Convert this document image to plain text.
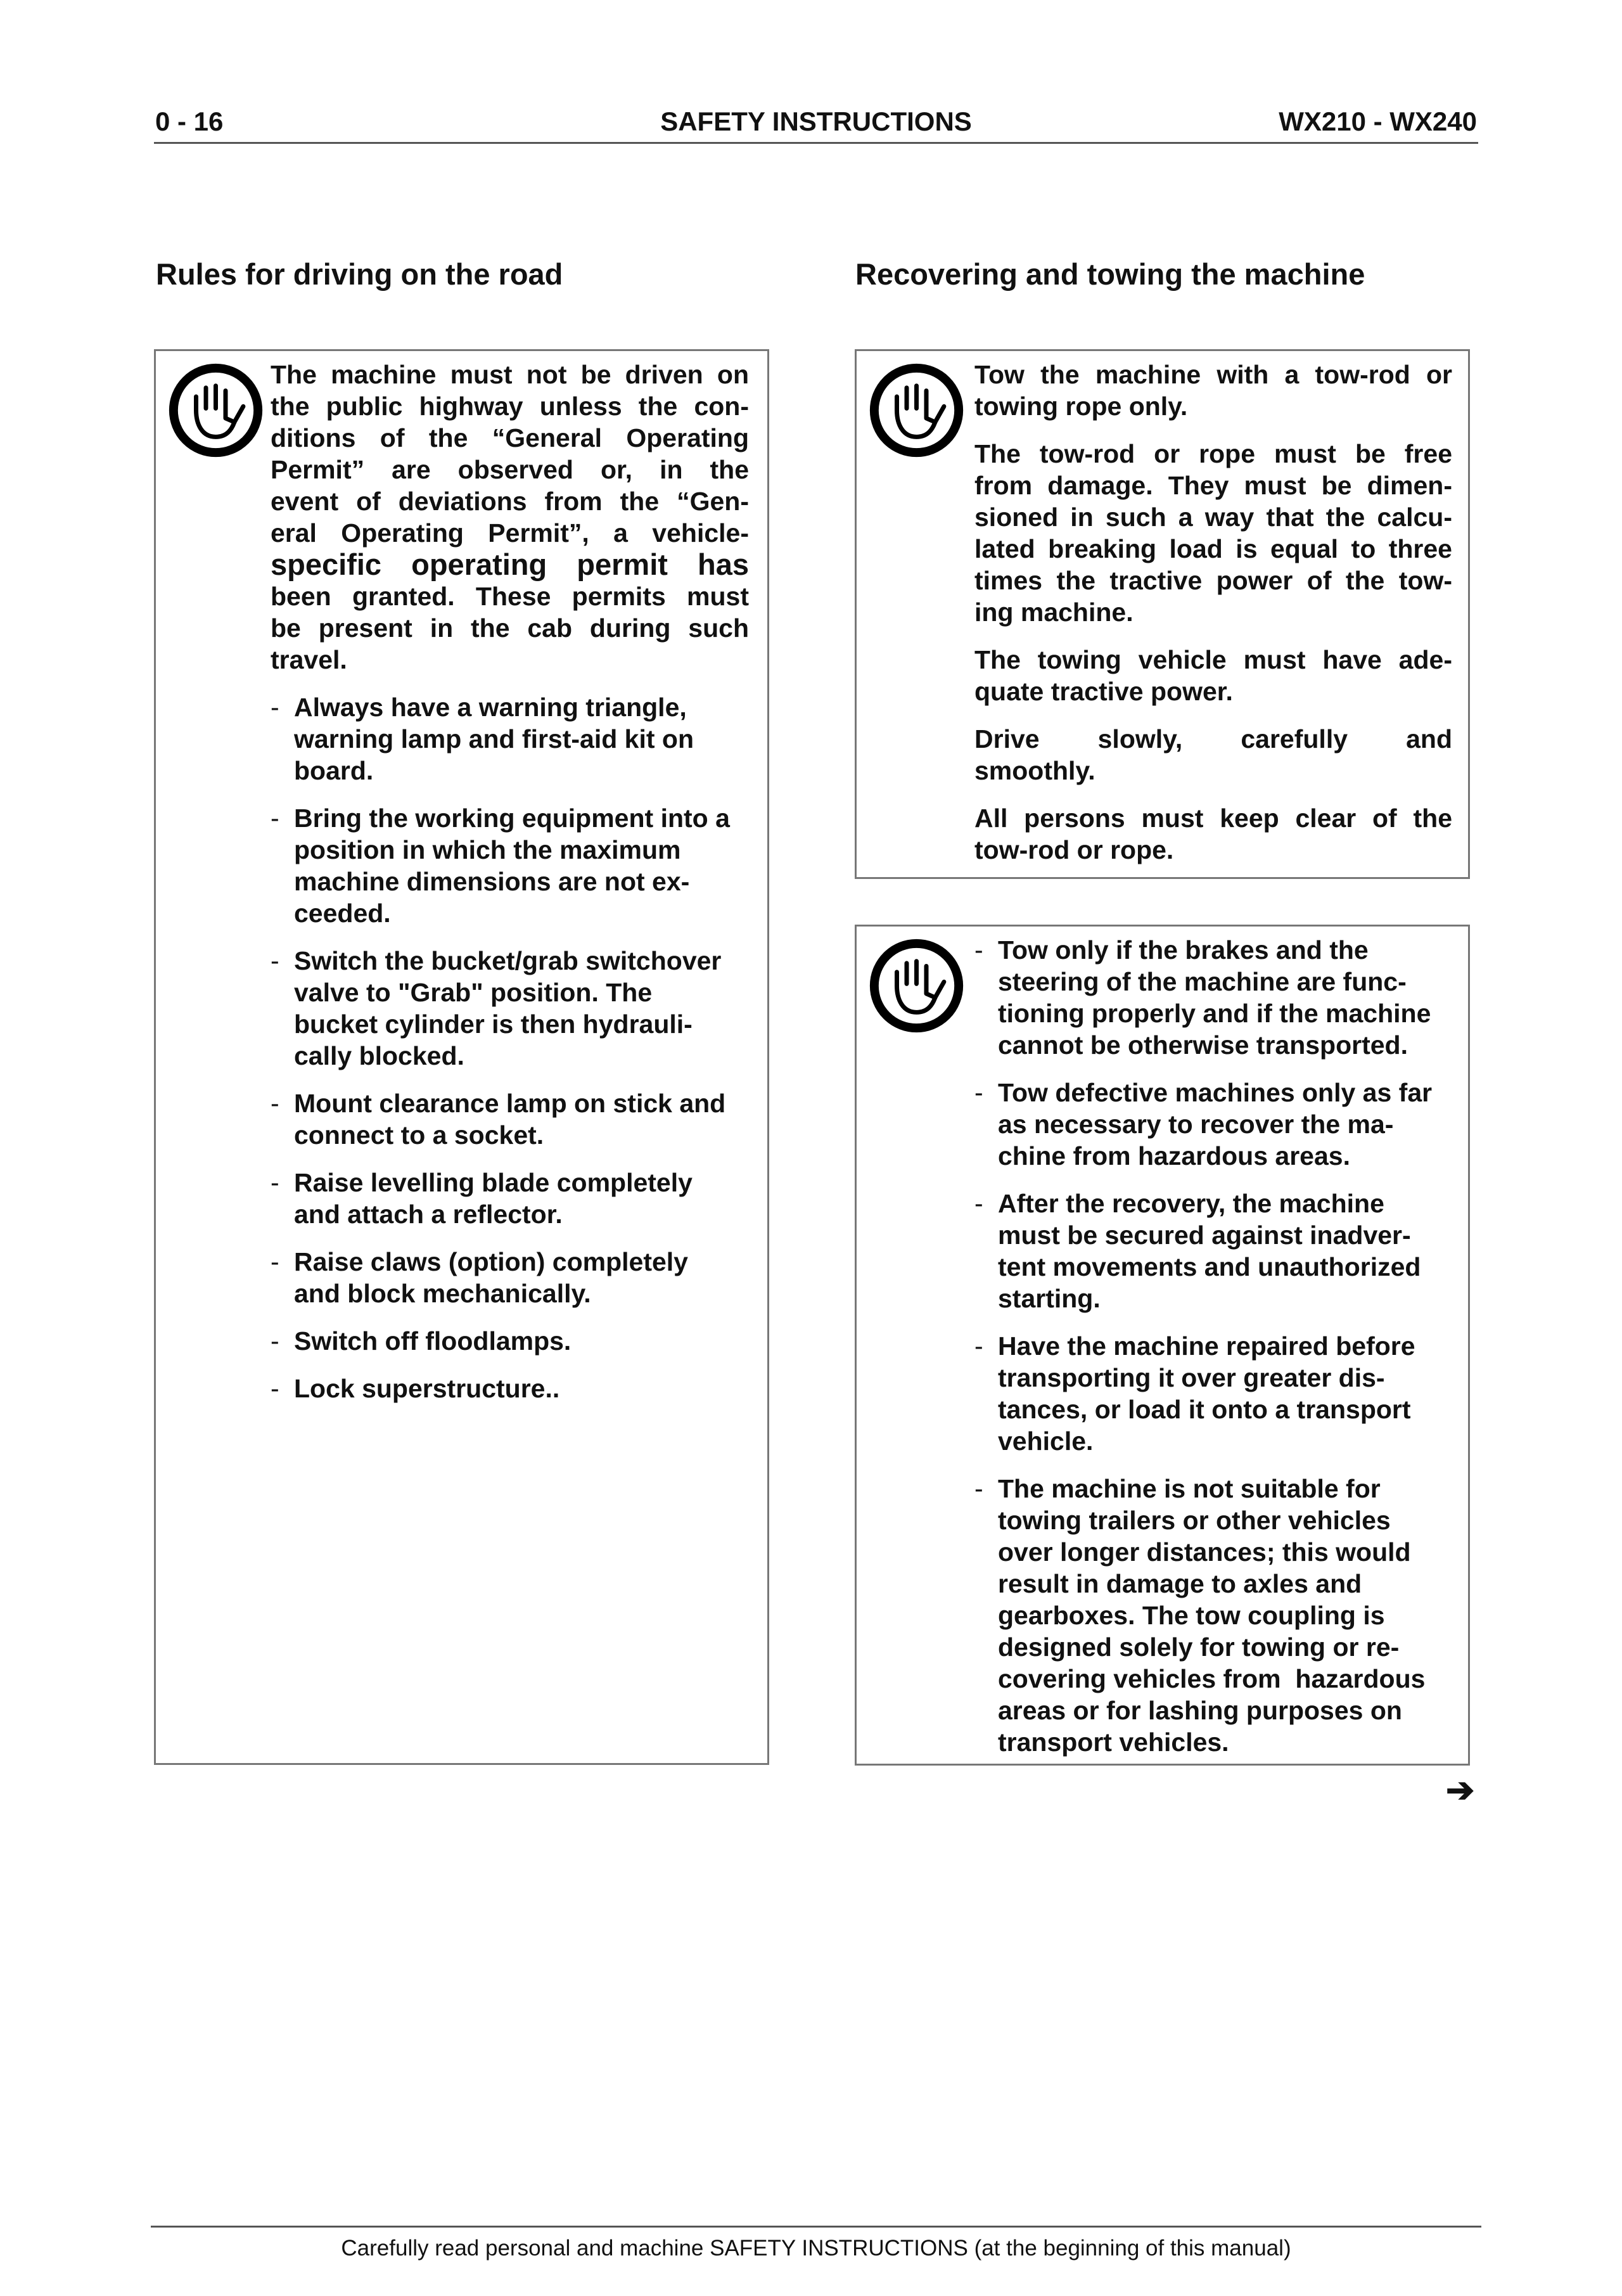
0 - 16	SAFETY INSTRUCTIONS	WX210 - WX240
Rules for driving on the road	Recovering and towing the machine
The machine must not be driven on
the public highway unless the con-
ditions of the “General Operating
Permit” are observed or, in the
event of deviations from the “Gen-
eral Operating Permit”, a vehicle-
specific operating permit has
been granted. These permits must
be present in the cab during such
travel.
- Always have a warning triangle,
warning lamp and first-aid kit on
board.
- Bring the working equipment into a
position in which the maximum
machine dimensions are not ex-
ceeded.
- Switch the bucket/grab switchover
valve to "Grab" position. The
bucket cylinder is then hydrauli-
cally blocked.
- Mount clearance lamp on stick and
connect to a socket.
- Raise levelling blade completely
and attach a reflector.
- Raise claws (option) completely
and block mechanically.
- Switch off floodlamps.
- Lock superstructure..
Tow the machine with a tow-rod or
towing rope only.
The tow-rod or rope must be free
from damage. They must be dimen-
sioned in such a way that the calcu-
lated breaking load is equal to three
times the tractive power of the tow-
ing machine.
The towing vehicle must have ade-
quate tractive power.
Drive slowly, carefully and
smoothly.
All persons must keep clear of the
tow-rod or rope.
- Tow only if the brakes and the
steering of the machine are func-
tioning properly and if the machine
cannot be otherwise transported.
- Tow defective machines only as far
as necessary to recover the ma-
chine from hazardous areas.
- After the recovery, the machine
must be secured against inadver-
tent movements and unauthorized
starting.
- Have the machine repaired before
transporting it over greater dis-
tances, or load it onto a transport
vehicle.
- The machine is not suitable for
towing trailers or other vehicles
over longer distances; this would
result in damage to axles and
gearboxes. The tow coupling is
designed solely for towing or re-
covering vehicles from  hazardous
areas or for lashing purposes on
transport vehicles.
➔
Carefully read personal and machine SAFETY INSTRUCTIONS (at the beginning of this manual)
